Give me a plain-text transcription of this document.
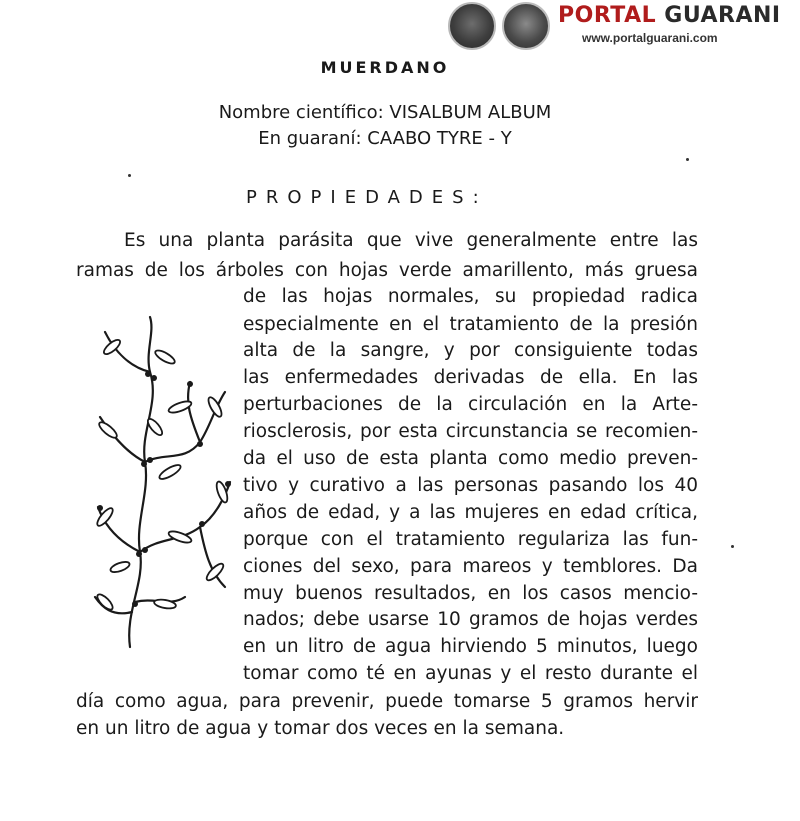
PORTAL GUARANI
www.portalguarani.com
MUERDANO
Nombre científico: VISALBUM ALBUM
En guaraní: CAABO TYRE - Y
PROPIEDADES:
Es una planta parásita que vive generalmente entre las
ramas de los árboles con hojas verde amarillento, más gruesa
de las hojas normales, su propiedad radica
especialmente en el tratamiento de la presión
alta de la sangre, y por consiguiente todas
las enfermedades derivadas de ella. En las
perturbaciones de la circulación en la Arte-
riosclerosis, por esta circunstancia se recomien-
da el uso de esta planta como medio preven-
tivo y curativo a las personas pasando los 40
años de edad, y a las mujeres en edad crítica,
porque con el tratamiento regulariza las fun-
ciones del sexo, para mareos y temblores. Da
muy buenos resultados, en los casos mencio-
nados; debe usarse 10 gramos de hojas verdes
en un litro de agua hirviendo 5 minutos, luego
tomar como té en ayunas y el resto durante el
día como agua, para prevenir, puede tomarse 5 gramos hervir
en un litro de agua y tomar dos veces en la semana.
